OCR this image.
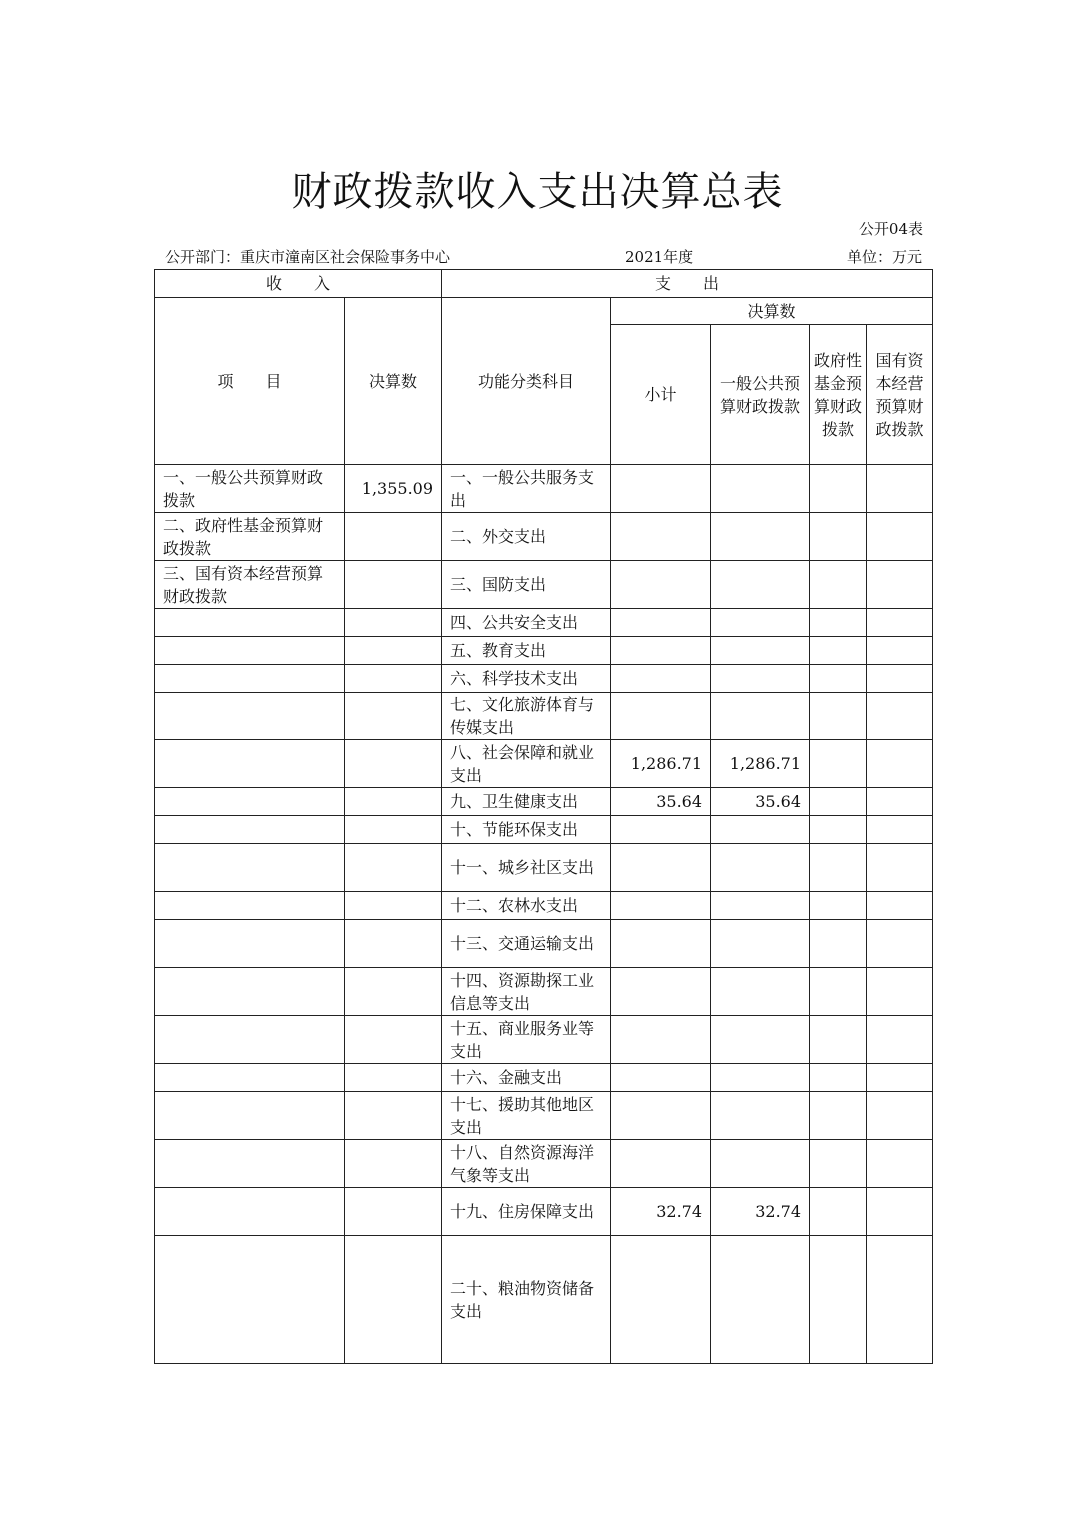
财政拨款收入支出决算总表
公开04表
公开部门：重庆市潼南区社会保险事务中心	2021年度	单位：万元
收　　入		支　　出				
项　　目	决算数	功能分类科目	决算数			
			小计	一般公共预算财政拨款	政府性基金预算财政拨款	国有资本经营预算财政拨款
一、一般公共预算财政拨款	1,355.09	一、一般公共服务支出				
二、政府性基金预算财政拨款		二、外交支出				
三、国有资本经营预算财政拨款		三、国防支出				
		四、公共安全支出				
		五、教育支出				
		六、科学技术支出				
		七、文化旅游体育与传媒支出				
		八、社会保障和就业支出	1,286.71	1,286.71		
		九、卫生健康支出	35.64	35.64		
		十、节能环保支出				
		十一、城乡社区支出				
		十二、农林水支出				
		十三、交通运输支出				
		十四、资源勘探工业信息等支出				
		十五、商业服务业等支出				
		十六、金融支出				
		十七、援助其他地区支出				
		十八、自然资源海洋气象等支出				
		十九、住房保障支出	32.74	32.74		
		二十、粮油物资储备支出				
